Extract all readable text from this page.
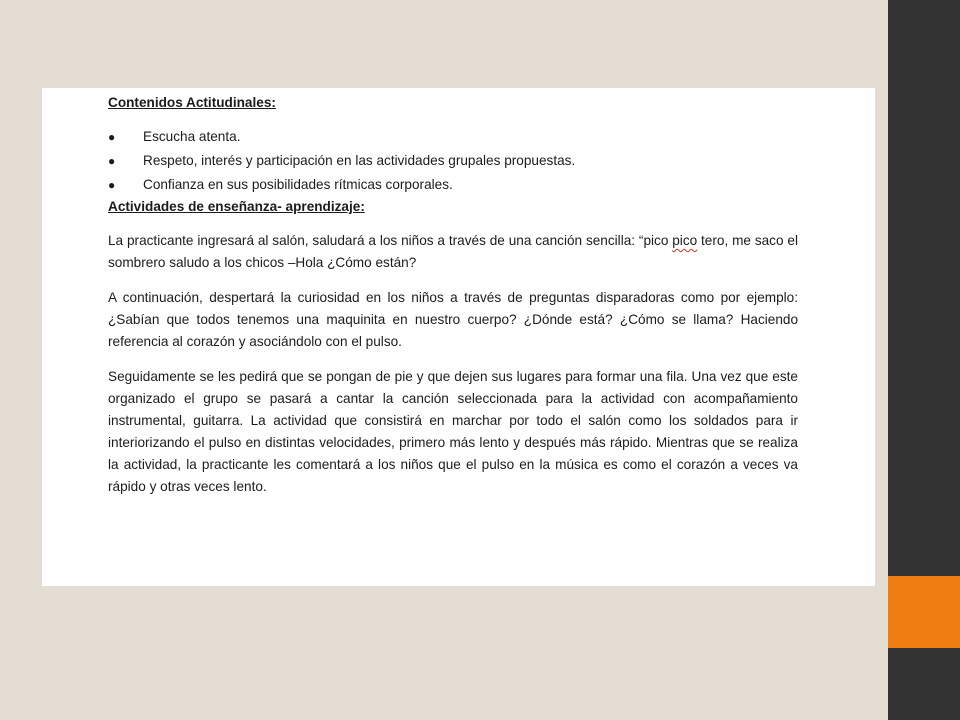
Contenidos Actitudinales:

● Escucha atenta.
● Respeto, interés y participación en las actividades grupales propuestas.
● Confianza en sus posibilidades rítmicas corporales.

Actividades de enseñanza- aprendizaje:

La practicante ingresará al salón, saludará a los niños a través de una canción sencilla: “pico pico tero, me saco el sombrero saludo a los chicos –Hola ¿Cómo están?

A continuación, despertará la curiosidad en los niños a través de preguntas disparadoras como por ejemplo: ¿Sabían que todos tenemos una maquinita en nuestro cuerpo? ¿Dónde está? ¿Cómo se llama? Haciendo referencia al corazón y asociándolo con el pulso.

Seguidamente se les pedirá que se pongan de pie y que dejen sus lugares para formar una fila. Una vez que este organizado el grupo se pasará a cantar la canción seleccionada para la actividad con acompañamiento instrumental, guitarra. La actividad que consistirá en marchar por todo el salón como los soldados para ir interiorizando el pulso en distintas velocidades, primero más lento y después más rápido. Mientras que se realiza la actividad, la practicante les comentará a los niños que el pulso en la música es como el corazón a veces va rápido y otras veces lento.
